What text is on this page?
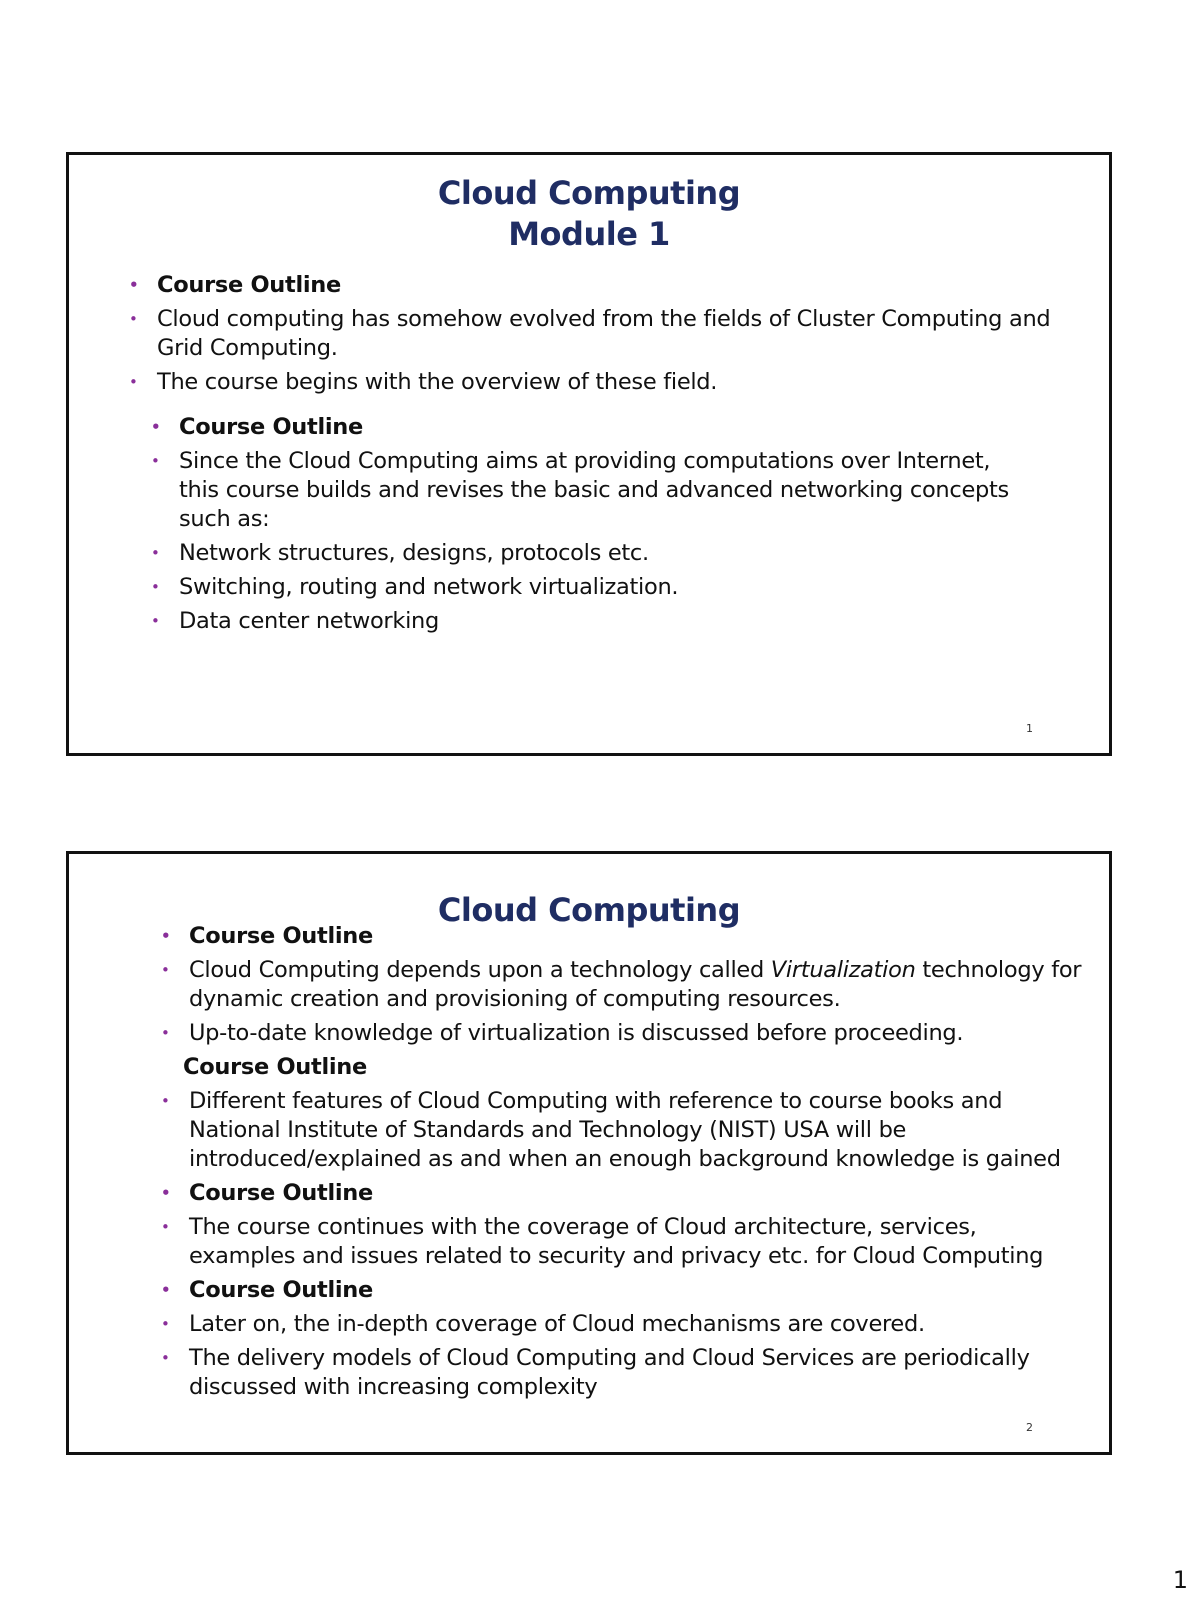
Cloud Computing
Module 1
• Course Outline
• Cloud computing has somehow evolved from the fields of Cluster Computing and Grid Computing.
• The course begins with the overview of these field.
• Course Outline
• Since the Cloud Computing aims at providing computations over Internet, this course builds and revises the basic and advanced networking concepts such as:
• Network structures, designs, protocols etc.
• Switching, routing and network virtualization.
• Data center networking
1
Cloud Computing
• Course Outline
• Cloud Computing depends upon a technology called Virtualization technology for dynamic creation and provisioning of computing resources.
• Up-to-date knowledge of virtualization is discussed before proceeding.
Course Outline
• Different features of Cloud Computing with reference to course books and National Institute of Standards and Technology (NIST) USA will be introduced/explained as and when an enough background knowledge is gained
• Course Outline
• The course continues with the coverage of Cloud architecture, services, examples and issues related to security and privacy etc. for Cloud Computing
• Course Outline
• Later on, the in-depth coverage of Cloud mechanisms are covered.
• The delivery models of Cloud Computing and Cloud Services are periodically discussed with increasing complexity
2
1
